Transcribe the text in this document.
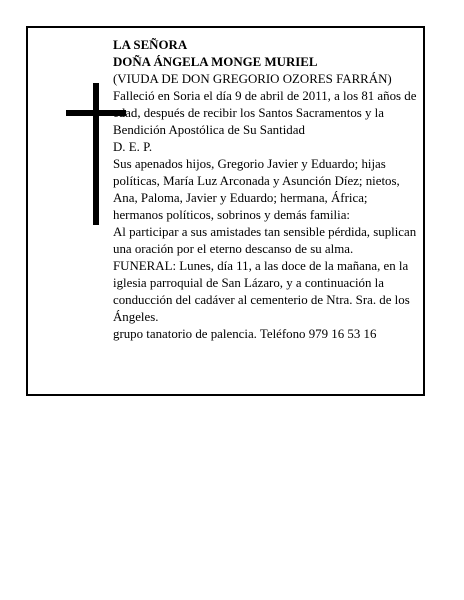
LA SEÑORA

DOÑA ÁNGELA MONGE MURIEL

(VIUDA DE DON GREGORIO OZORES FARRÁN)

Falleció en Soria el día 9 de abril de 2011, a los 81 años de edad, después de recibir los Santos Sacramentos y la Bendición Apostólica de Su Santidad

D. E. P.

Sus apenados hijos, Gregorio Javier y Eduardo; hijas políticas, María Luz Arconada y Asunción Díez; nietos, Ana, Paloma, Javier y Eduardo; hermana, África; hermanos políticos, sobrinos y demás familia:

Al participar a sus amistades tan sensible pérdida, suplican una oración por el eterno descanso de su alma.

FUNERAL: Lunes, día 11, a las doce de la mañana, en la iglesia parroquial de San Lázaro, y a continuación la conducción del cadáver al cementerio de Ntra. Sra. de los Ángeles.

grupo tanatorio de palencia. Teléfono 979 16 53 16
